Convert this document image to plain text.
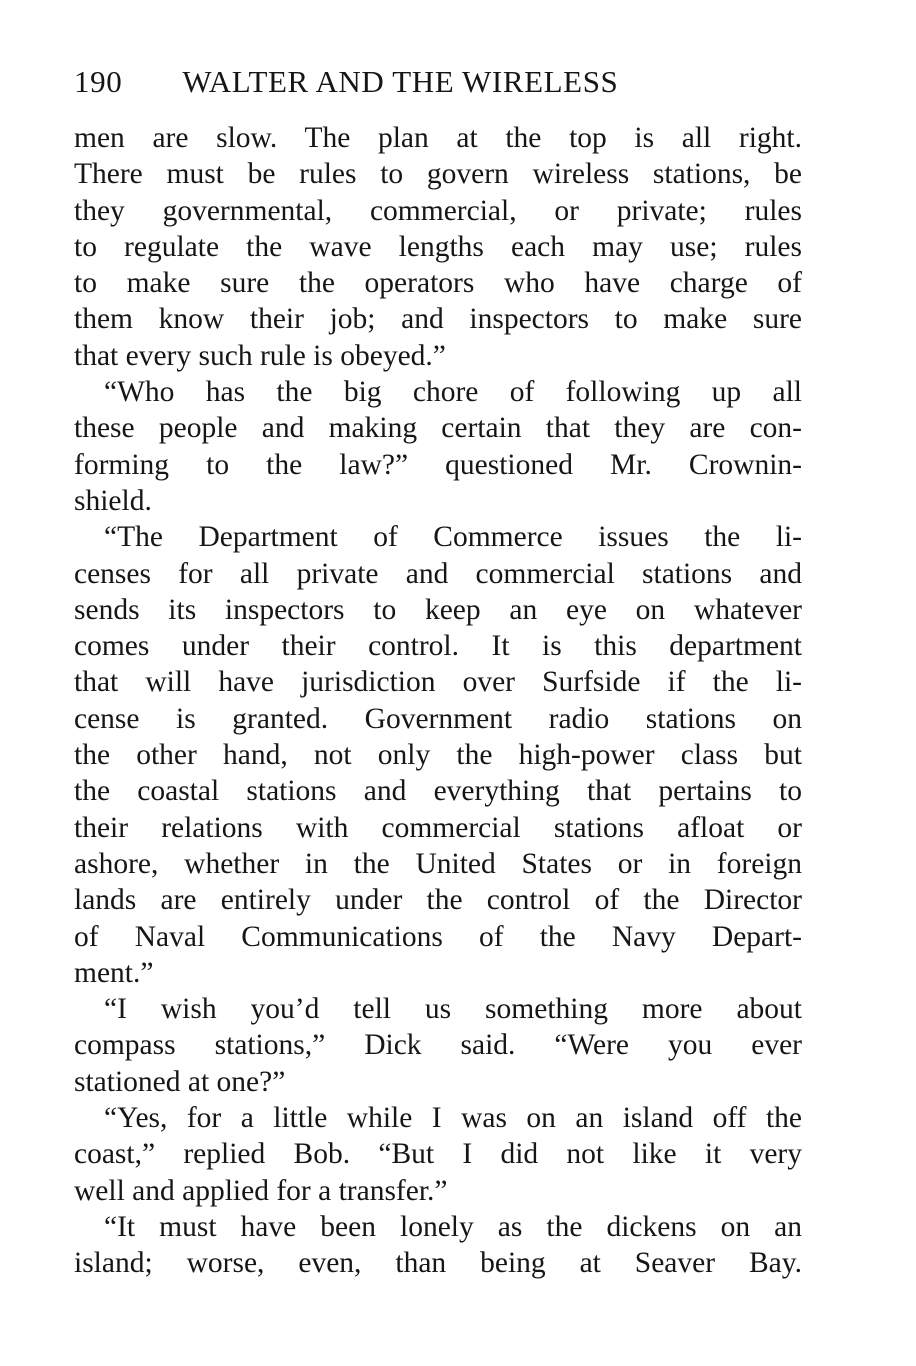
190 WALTER AND THE WIRELESS
men are slow. The plan at the top is all right.
There must be rules to govern wireless stations, be
they governmental, commercial, or private; rules
to regulate the wave lengths each may use; rules
to make sure the operators who have charge of
them know their job; and inspectors to make sure
that every such rule is obeyed.”
“Who has the big chore of following up all
these people and making certain that they are con-
forming to the law?” questioned Mr. Crownin-
shield.
“The Department of Commerce issues the li-
censes for all private and commercial stations and
sends its inspectors to keep an eye on whatever
comes under their control. It is this department
that will have jurisdiction over Surfside if the li-
cense is granted. Government radio stations on
the other hand, not only the high-power class but
the coastal stations and everything that pertains to
their relations with commercial stations afloat or
ashore, whether in the United States or in foreign
lands are entirely under the control of the Director
of Naval Communications of the Navy Depart-
ment.”
“I wish you’d tell us something more about
compass stations,” Dick said. “Were you ever
stationed at one?”
“Yes, for a little while I was on an island off the
coast,” replied Bob. “But I did not like it very
well and applied for a transfer.”
“It must have been lonely as the dickens on an
island; worse, even, than being at Seaver Bay.
